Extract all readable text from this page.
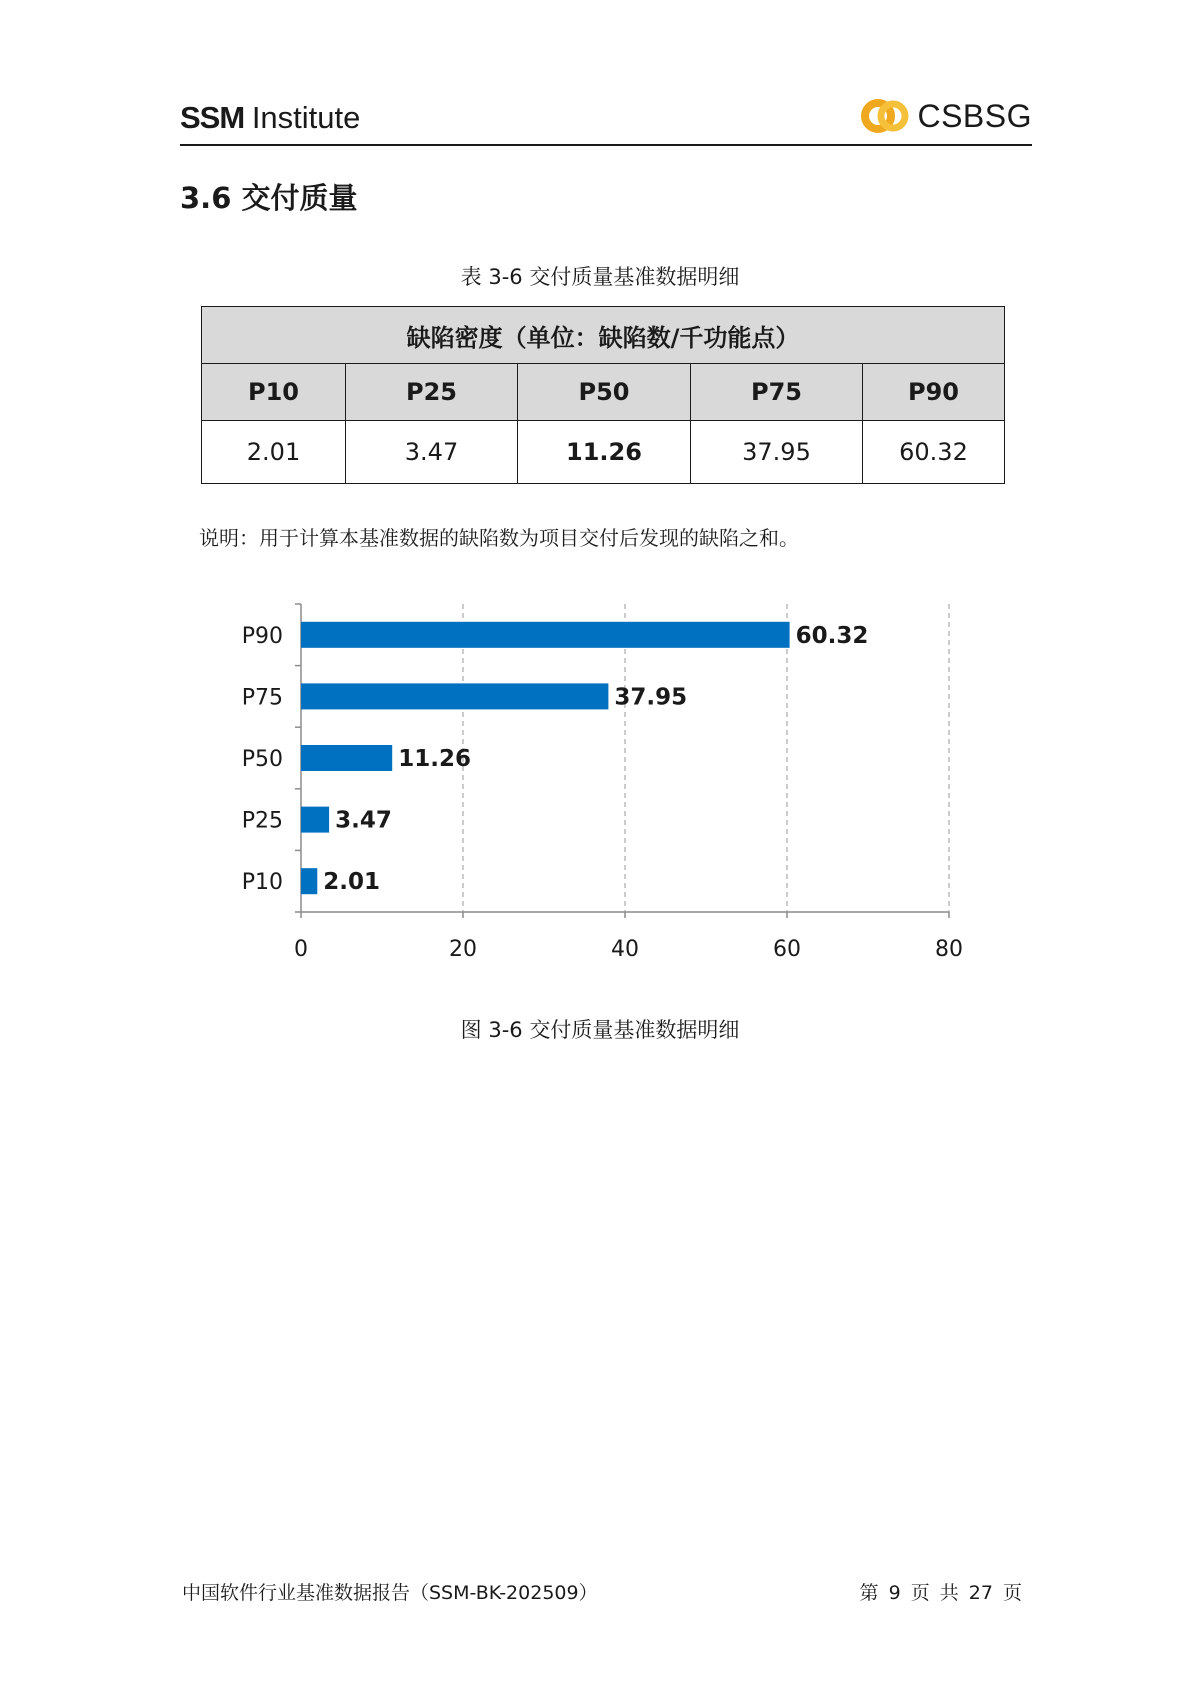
SSM Institute	CSBSG
3.6 交付质量
表 3-6 交付质量基准数据明细
缺陷密度（单位：缺陷数/千功能点）				
P10	P25	P50	P75	P90
2.01	3.47	11.26	37.95	60.32
说明：用于计算本基准数据的缺陷数为项目交付后发现的缺陷之和。
0	20	40	60	80
P90	60.32
P75	37.95
P50	11.26
P25 3.47
P10 2.01
图 3-6 交付质量基准数据明细
中国软件行业基准数据报告（SSM-BK-202509）	第 9 页 共 27 页
